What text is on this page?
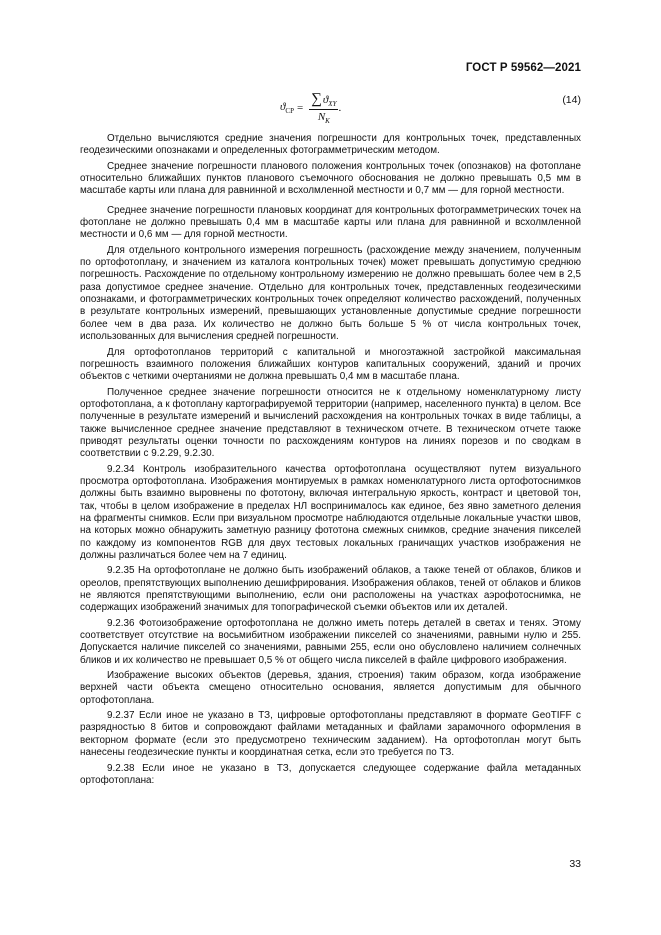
ГОСТ Р 59562—2021
$ϑ_{СР} = \frac{\sum ϑ_{XY}}{N_K}$ .
(14)

Отдельно вычисляются средние значения погрешности для контрольных точек, представленных геодезическими опознаками и определенных фотограмметрическим методом.

Среднее значение погрешности планового положения контрольных точек (опознаков) на фотоплане относительно ближайших пунктов планового съемочного обоснования не должно превышать 0,5 мм в масштабе карты или плана для равнинной и всхолмленной местности и 0,7 мм — для горной местности.

Среднее значение погрешности плановых координат для контрольных фотограмметрических точек на фотоплане не должно превышать 0,4 мм в масштабе карты или плана для равнинной и всхолмленной местности и 0,6 мм — для горной местности.

Для отдельного контрольного измерения погрешность (расхождение между значением, полученным по ортофотоплану, и значением из каталога контрольных точек) может превышать допустимую среднюю погрешность. Расхождение по отдельному контрольному измерению не должно превышать более чем в 2,5 раза допустимое среднее значение. Отдельно для контрольных точек, представленных геодезическими опознаками, и фотограмметрических контрольных точек определяют количество расхождений, полученных в результате контрольных измерений, превышающих установленные допустимые средние погрешности более чем в два раза. Их количество не должно быть больше 5 % от числа контрольных точек, использованных для вычисления средней погрешности.

Для ортофотопланов территорий с капитальной и многоэтажной застройкой максимальная погрешность взаимного положения ближайших контуров капитальных сооружений, зданий и прочих объектов с четкими очертаниями не должна превышать 0,4 мм в масштабе плана.

Полученное среднее значение погрешности относится не к отдельному номенклатурному листу ортофотоплана, а к фотоплану картографируемой территории (например, населенного пункта) в целом. Все полученные в результате измерений и вычислений расхождения на контрольных точках в виде таблицы, а также вычисленное среднее значение представляют в техническом отчете. В техническом отчете также приводят результаты оценки точности по расхождениям контуров на линиях порезов и по сводкам в соответствии с 9.2.29, 9.2.30.

9.2.34 Контроль изобразительного качества ортофотоплана осуществляют путем визуального просмотра ортофотоплана. Изображения монтируемых в рамках номенклатурного листа ортофотоснимков должны быть взаимно выровнены по фототону, включая интегральную яркость, контраст и цветовой тон, так, чтобы в целом изображение в пределах НЛ воспринималось как единое, без явно заметного деления на фрагменты снимков. Если при визуальном просмотре наблюдаются отдельные локальные участки швов, на которых можно обнаружить заметную разницу фототона смежных снимков, средние значения пикселей по каждому из компонентов RGB для двух тестовых локальных граничащих участков изображения не должны различаться более чем на 7 единиц.

9.2.35 На ортофотоплане не должно быть изображений облаков, а также теней от облаков, бликов и ореолов, препятствующих выполнению дешифрирования. Изображения облаков, теней от облаков и бликов не являются препятствующими выполнению, если они расположены на участках аэрофотоснимка, не содержащих изображений значимых для топографической съемки объектов или их деталей.

9.2.36 Фотоизображение ортофотоплана не должно иметь потерь деталей в светах и тенях. Этому соответствует отсутствие на восьмибитном изображении пикселей со значениями, равными нулю и 255. Допускается наличие пикселей со значениями, равными 255, если оно обусловлено наличием солнечных бликов и их количество не превышает 0,5 % от общего числа пикселей в файле цифрового изображения.

Изображение высоких объектов (деревья, здания, строения) таким образом, когда изображение верхней части объекта смещено относительно основания, является допустимым для обычного ортофотоплана.

9.2.37 Если иное не указано в ТЗ, цифровые ортофотопланы представляют в формате GeoTIFF с разрядностью 8 битов и сопровождают файлами метаданных и файлами зарамочного оформления в векторном формате (если это предусмотрено техническим заданием). На ортофотоплан могут быть нанесены геодезические пункты и координатная сетка, если это требуется по ТЗ.

9.2.38 Если иное не указано в ТЗ, допускается следующее содержание файла метаданных ортофотоплана:

33
